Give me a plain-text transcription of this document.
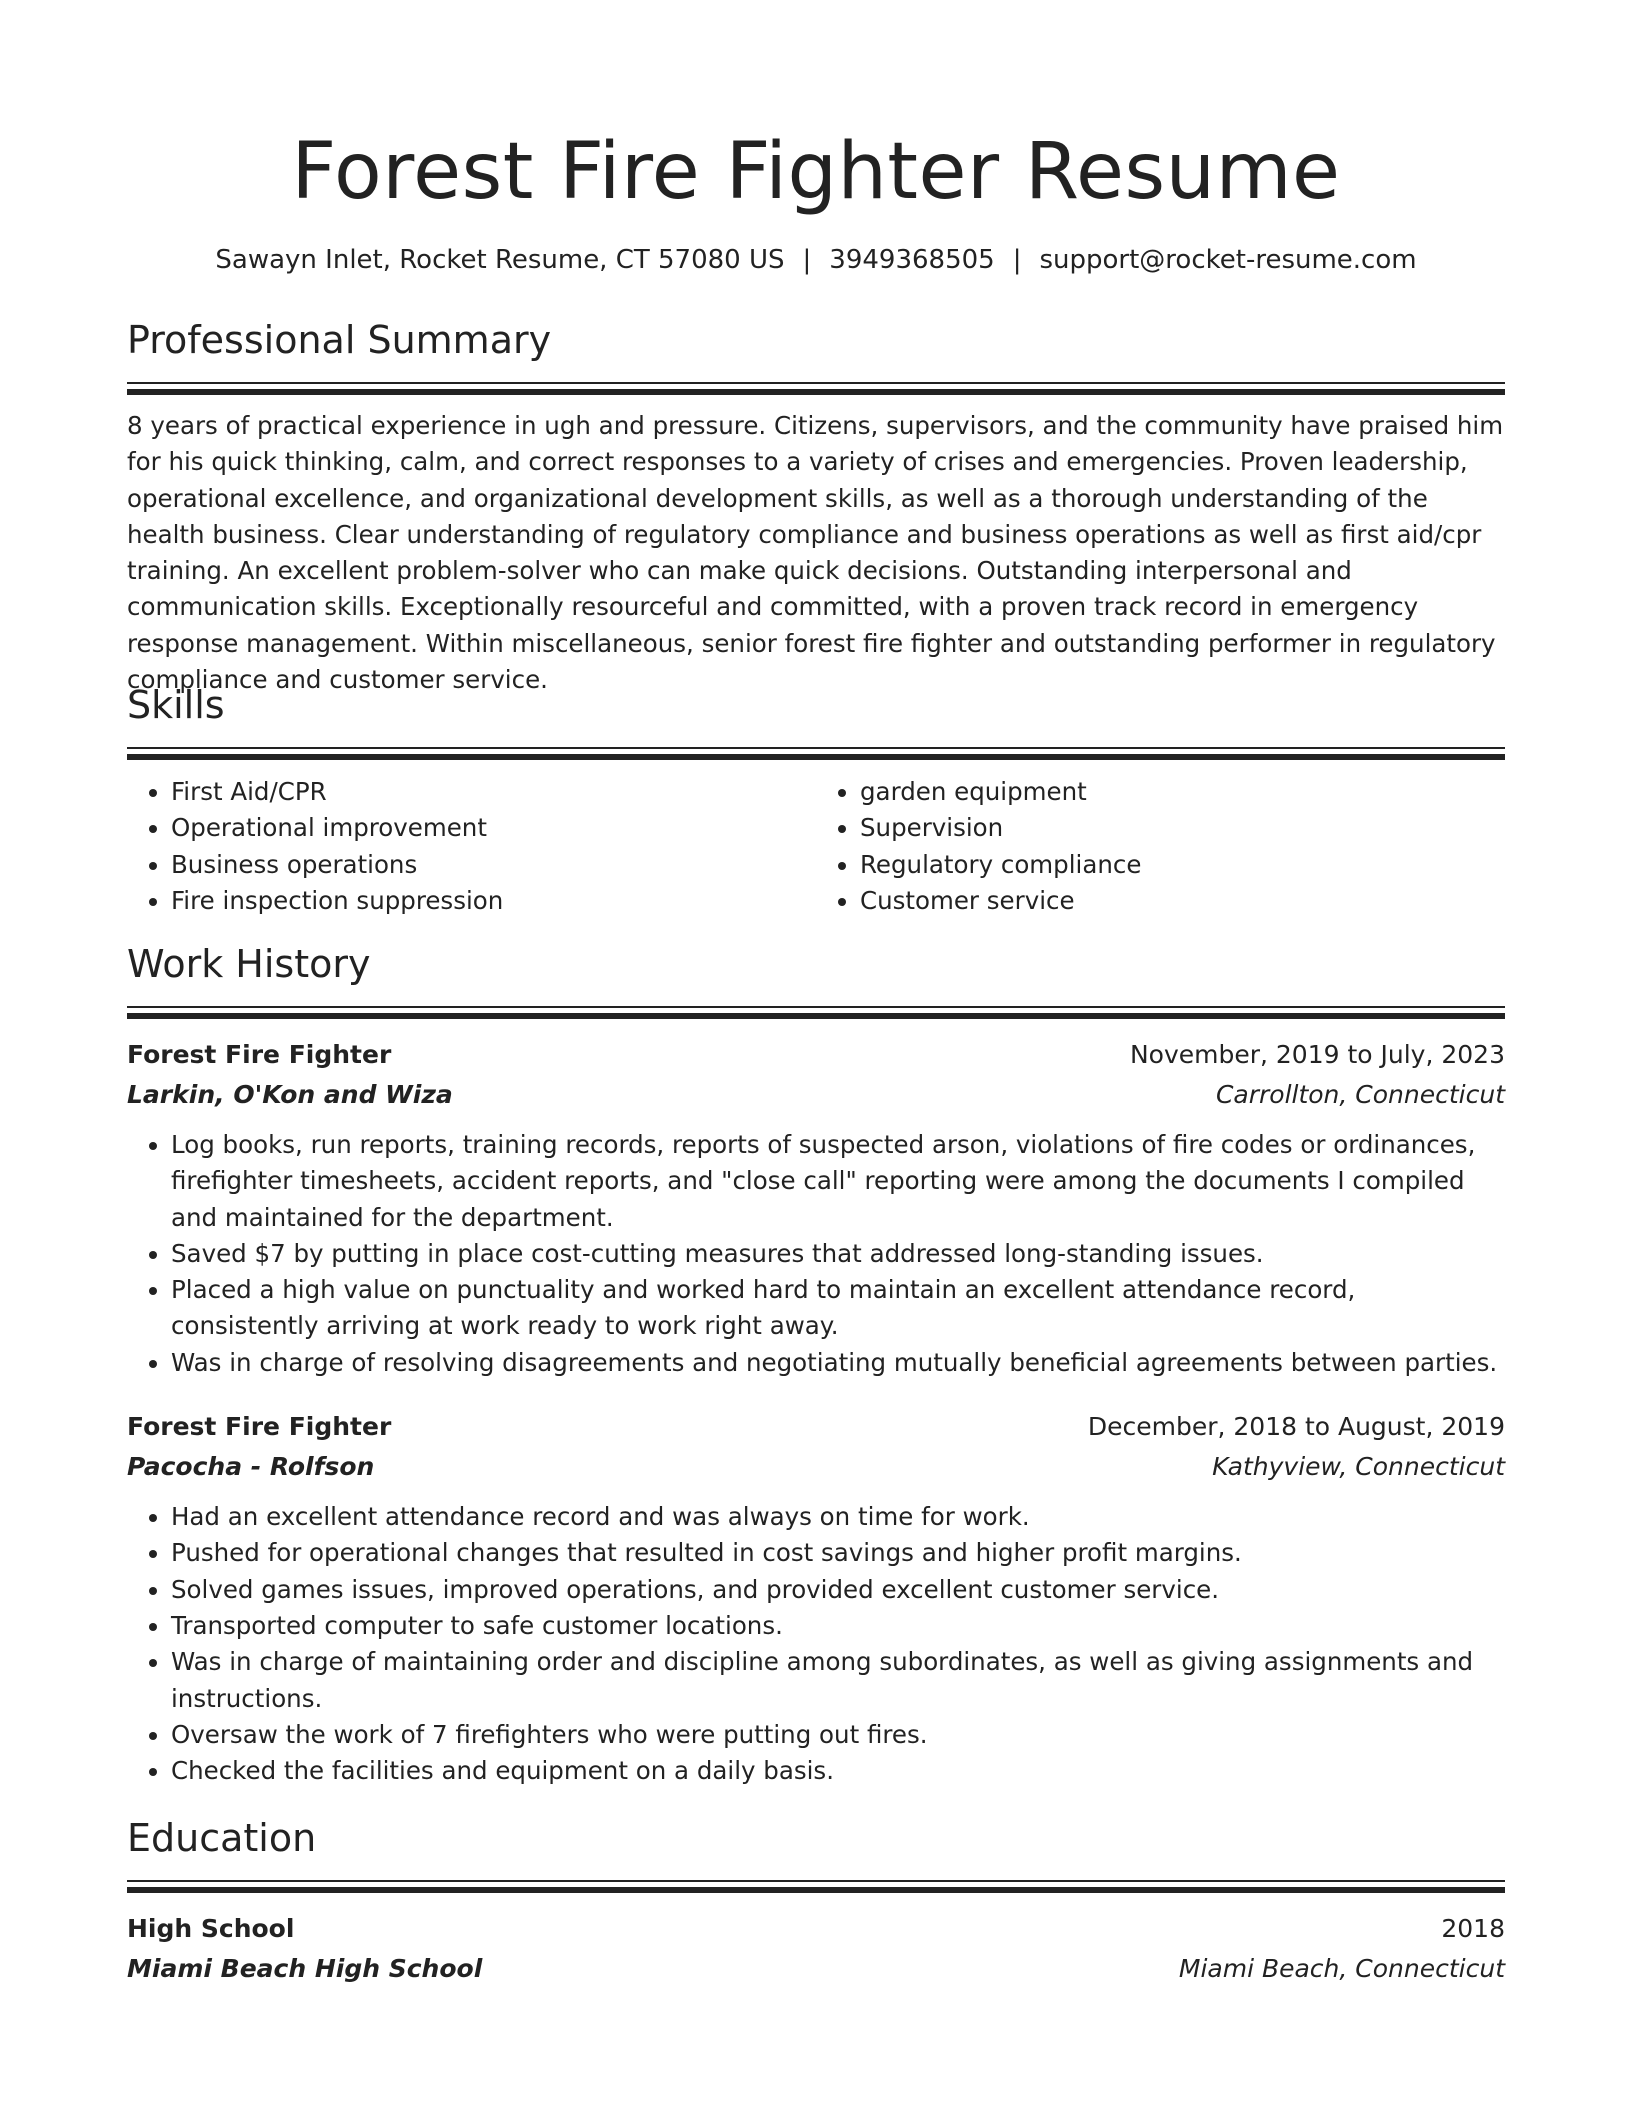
Forest Fire Fighter Resume
Sawayn Inlet, Rocket Resume, CT 57080 US | 3949368505 | support@rocket-resume.com
Professional Summary
8 years of practical experience in ugh and pressure. Citizens, supervisors, and the community have praised him for his quick thinking, calm, and correct responses to a variety of crises and emergencies. Proven leadership, operational excellence, and organizational development skills, as well as a thorough understanding of the health business. Clear understanding of regulatory compliance and business operations as well as first aid/cpr training. An excellent problem-solver who can make quick decisions. Outstanding interpersonal and communication skills. Exceptionally resourceful and committed, with a proven track record in emergency response management. Within miscellaneous, senior forest fire fighter and outstanding performer in regulatory compliance and customer service.
Skills
• First Aid/CPR
• Operational improvement
• Business operations
• Fire inspection suppression
• garden equipment
• Supervision
• Regulatory compliance
• Customer service
Work History
Forest Fire Fighter	November, 2019 to July, 2023
Larkin, O'Kon and Wiza	Carrollton, Connecticut
• Log books, run reports, training records, reports of suspected arson, violations of fire codes or ordinances, firefighter timesheets, accident reports, and "close call" reporting were among the documents I compiled and maintained for the department.
• Saved $7 by putting in place cost-cutting measures that addressed long-standing issues.
• Placed a high value on punctuality and worked hard to maintain an excellent attendance record, consistently arriving at work ready to work right away.
• Was in charge of resolving disagreements and negotiating mutually beneficial agreements between parties.
Forest Fire Fighter	December, 2018 to August, 2019
Pacocha - Rolfson	Kathyview, Connecticut
• Had an excellent attendance record and was always on time for work.
• Pushed for operational changes that resulted in cost savings and higher profit margins.
• Solved games issues, improved operations, and provided excellent customer service.
• Transported computer to safe customer locations.
• Was in charge of maintaining order and discipline among subordinates, as well as giving assignments and instructions.
• Oversaw the work of 7 firefighters who were putting out fires.
• Checked the facilities and equipment on a daily basis.
Education
High School	2018
Miami Beach High School	Miami Beach, Connecticut
